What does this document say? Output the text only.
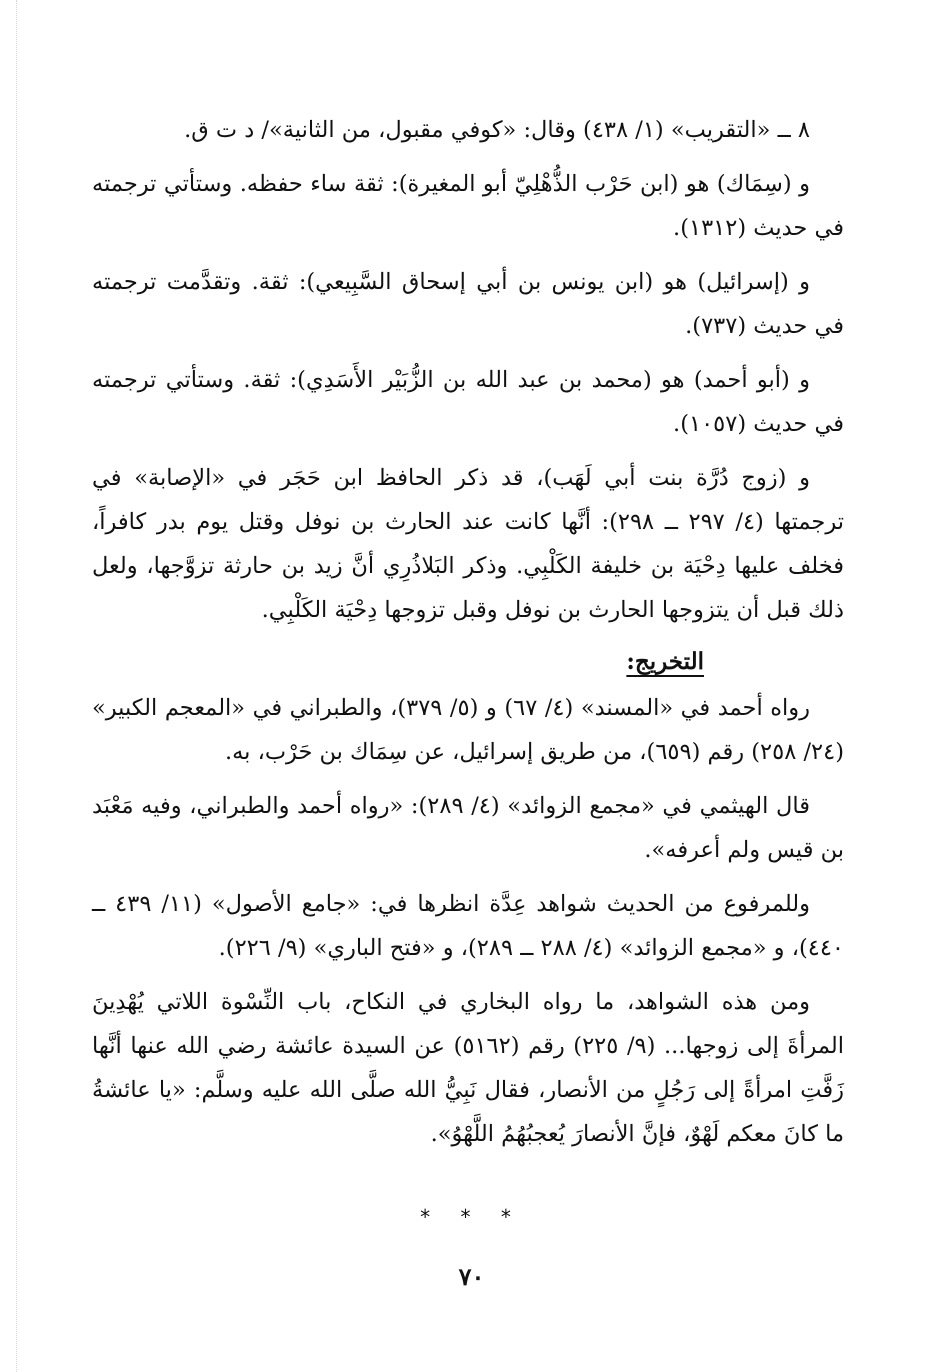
٨ ــ «التقريب» (١/ ٤٣٨) وقال: «كوفي مقبول، من الثانية»/ د ت ق.

و (سِمَاك) هو (ابن حَرْب الذُّهْلِيّ أبو المغيرة): ثقة ساء حفظه. وستأتي ترجمته في حديث (١٣١٢).

و (إسرائيل) هو (ابن يونس بن أبي إسحاق السَّبِيعي): ثقة. وتقدَّمت ترجمته في حديث (٧٣٧).

و (أبو أحمد) هو (محمد بن عبد الله بن الزُّبَيْر الأَسَدِي): ثقة. وستأتي ترجمته في حديث (١٠٥٧).

و (زوج دُرَّة بنت أبي لَهَب)، قد ذكر الحافظ ابن حَجَر في «الإصابة» في ترجمتها (٤/ ٢٩٧ ــ ٢٩٨): أنَّها كانت عند الحارث بن نوفل وقتل يوم بدر كافراً، فخلف عليها دِحْيَة بن خليفة الكَلْبِي. وذكر البَلاذُرِي أنَّ زيد بن حارثة تزوَّجها، ولعل ذلك قبل أن يتزوجها الحارث بن نوفل وقبل تزوجها دِحْيَة الكَلْبِي.

التخريج:

رواه أحمد في «المسند» (٤/ ٦٧) و (٥/ ٣٧٩)، والطبراني في «المعجم الكبير» (٢٤/ ٢٥٨) رقم (٦٥٩)، من طريق إسرائيل، عن سِمَاك بن حَرْب، به.

قال الهيثمي في «مجمع الزوائد» (٤/ ٢٨٩): «رواه أحمد والطبراني، وفيه مَعْبَد بن قيس ولم أعرفه».

وللمرفوع من الحديث شواهد عِدَّة انظرها في: «جامع الأصول» (١١/ ٤٣٩ ــ ٤٤٠)، و «مجمع الزوائد» (٤/ ٢٨٨ ــ ٢٨٩)، و «فتح الباري» (٩/ ٢٢٦).

ومن هذه الشواهد، ما رواه البخاري في النكاح، باب النِّسْوة اللاتي يُهْدِينَ المرأةَ إلى زوجها... (٩/ ٢٢٥) رقم (٥١٦٢) عن السيدة عائشة رضي الله عنها أنَّها زَفَّتِ امرأةً إلى رَجُلٍ من الأنصار، فقال نَبِيُّ الله صلَّى الله عليه وسلَّم: «يا عائشةُ ما كانَ معكم لَهْوٌ، فإنَّ الأنصارَ يُعجبُهُمُ اللَّهْوُ».

* * *
٧٠
